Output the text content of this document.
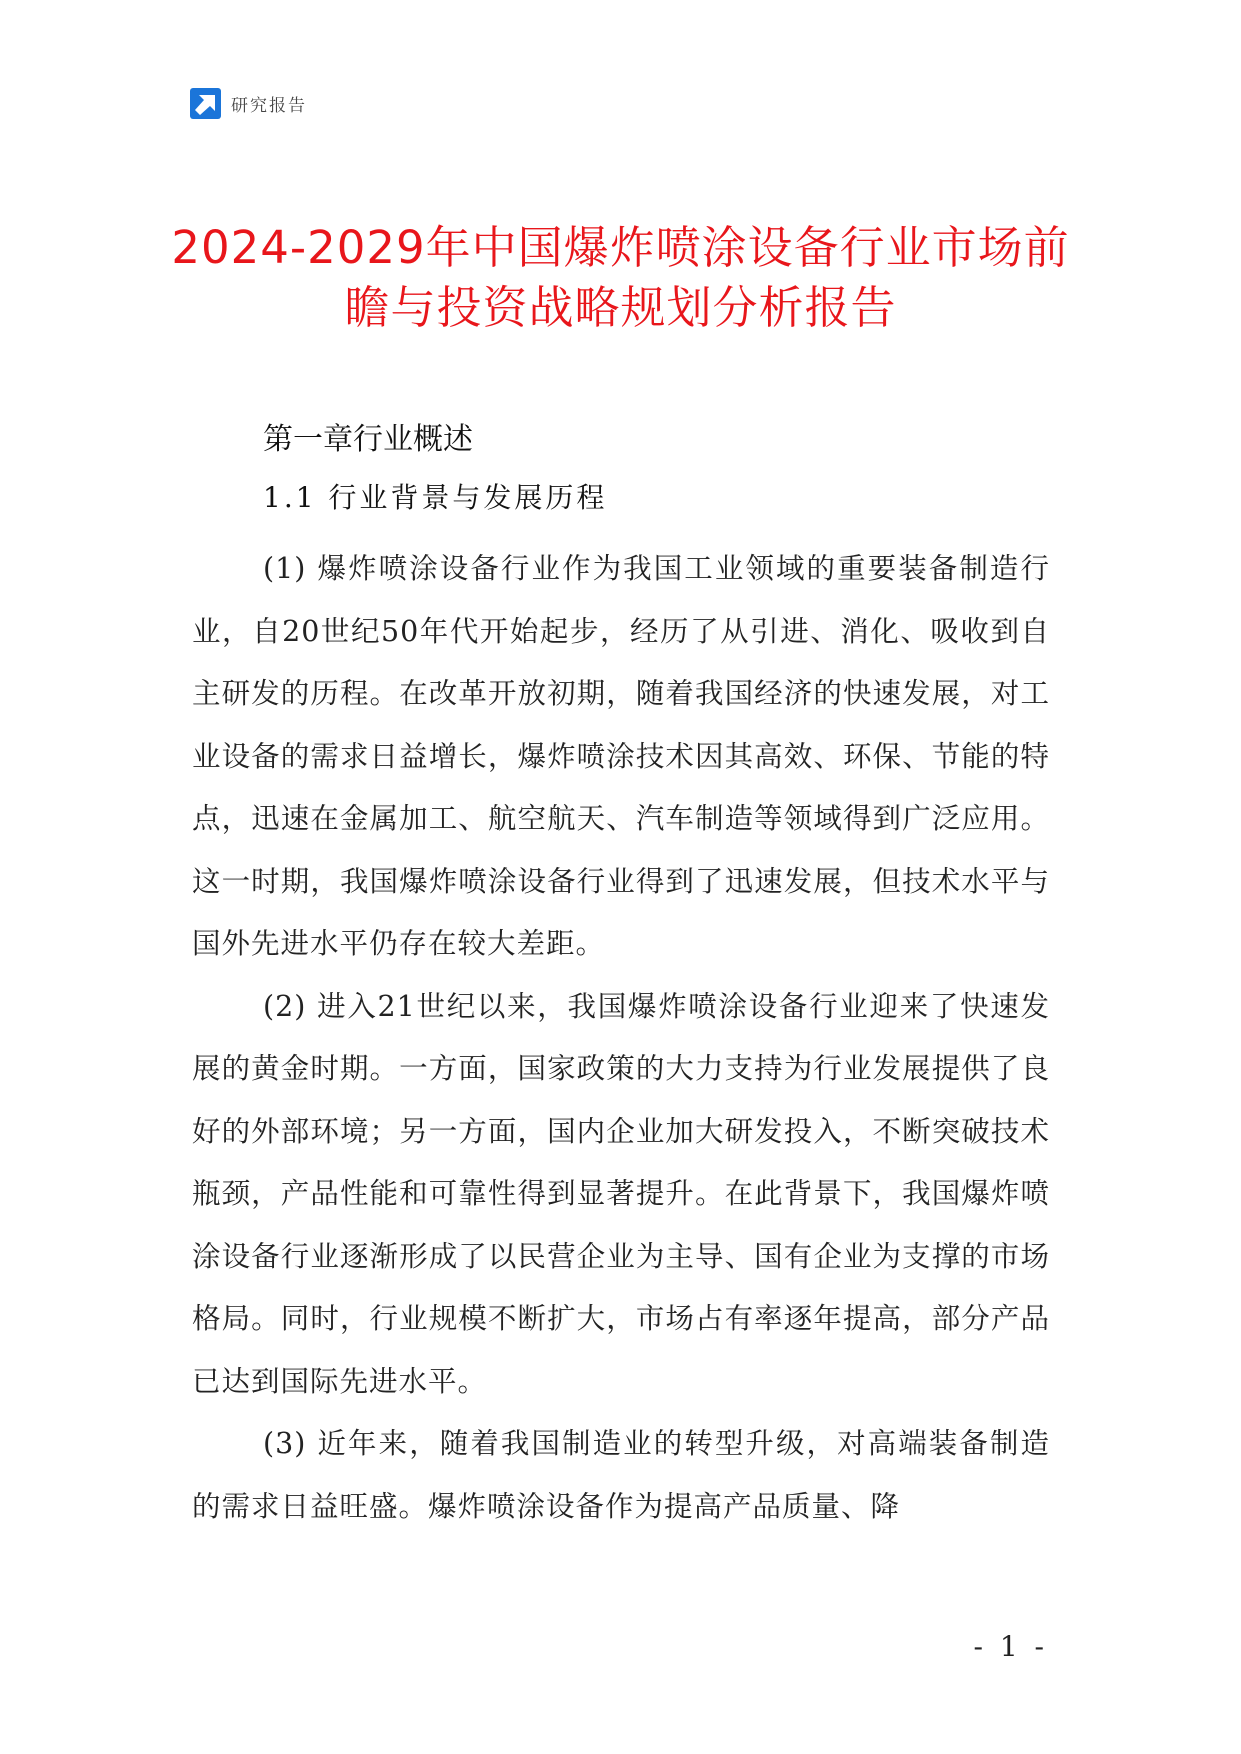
研究报告
2024-2029年中国爆炸喷涂设备行业市场前
瞻与投资战略规划分析报告
第一章行业概述
1.1 行业背景与发展历程

(1) 爆炸喷涂设备行业作为我国工业领域的重要装备制造行业，自20世纪50年代开始起步，经历了从引进、消化、吸收到自主研发的历程。在改革开放初期，随着我国经济的快速发展，对工业设备的需求日益增长，爆炸喷涂技术因其高效、环保、节能的特点，迅速在金属加工、航空航天、汽车制造等领域得到广泛应用。这一时期，我国爆炸喷涂设备行业得到了迅速发展，但技术水平与国外先进水平仍存在较大差距。

(2) 进入21世纪以来，我国爆炸喷涂设备行业迎来了快速发展的黄金时期。一方面，国家政策的大力支持为行业发展提供了良好的外部环境；另一方面，国内企业加大研发投入，不断突破技术瓶颈，产品性能和可靠性得到显著提升。在此背景下，我国爆炸喷涂设备行业逐渐形成了以民营企业为主导、国有企业为支撑的市场格局。同时，行业规模不断扩大，市场占有率逐年提高，部分产品已达到国际先进水平。

(3) 近年来，随着我国制造业的转型升级，对高端装备制造的需求日益旺盛。爆炸喷涂设备作为提高产品质量、降

- 1 -
